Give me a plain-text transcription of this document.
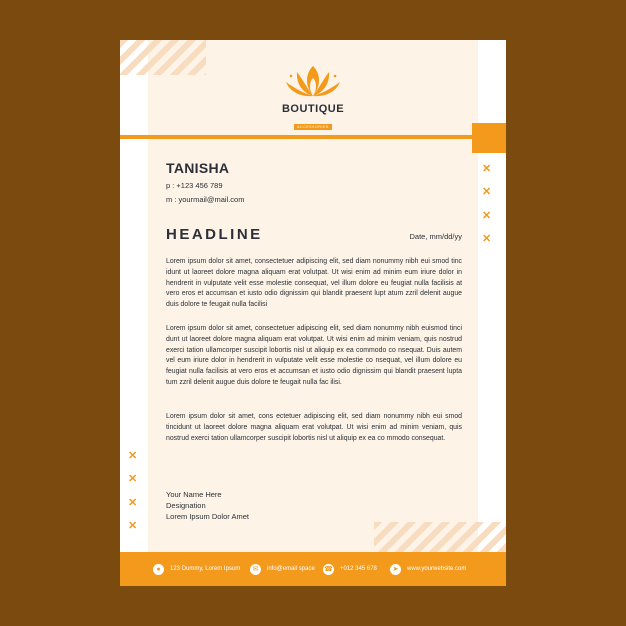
BOUTIQUE
ACCESSORIES
✕
✕
✕
✕
✕
✕
✕
✕
TANISHA
p : +123 456 789
m : yourmail@mail.com
HEADLINE	Date, mm/dd/yy
Lorem ipsum dolor sit amet, consectetuer adipiscing elit, sed diam nonummy nibh eui smod tinc idunt ut laoreet dolore magna aliquam erat volutpat. Ut wisi enim ad minim eum iriure dolor in hendrerit in vulputate velit esse molestie consequat, vel illum dolore eu feugiat nulla facilisis at vero eros et accumsan et iusto odio dignissim qui blandit praesent lupt atum zzril delenit augue duis dolore te feugait nulla facilisi
Lorem ipsum dolor sit amet, consectetuer adipiscing elit, sed diam nonummy nibh euismod tinci dunt ut laoreet dolore magna aliquam erat volutpat. Ut wisi enim ad minim veniam, quis nostrud exerci tation ullamcorper suscipit lobortis nisl ut aliquip ex ea commodo co nsequat. Duis autem vel eum iriure dolor in hendrerit in vulputate velit esse molestie co nsequat, vel illum dolore eu feugiat nulla facilisis at vero eros et accumsan et iusto odio dignissim qui blandit praesent lupta tum zzril delenit augue duis dolore te feugait nulla fac ilisi.
Lorem ipsum dolor sit amet, cons ectetuer adipiscing elit, sed diam nonummy nibh eui smod tincidunt ut laoreet dolore magna aliquam erat volutpat. Ut wisi enim ad minim veniam, quis nostrud exerci tation ullamcorper suscipit lobortis nisl ut aliquip ex ea co mmodo consequat.
Your Name Here
Designation
Lorem Ipsum Dolor Amet
●	123 Dummy, Lorem Ipsum	✉	info@email space ☎ +012 345 678	➤	www.yourwebsite.com
